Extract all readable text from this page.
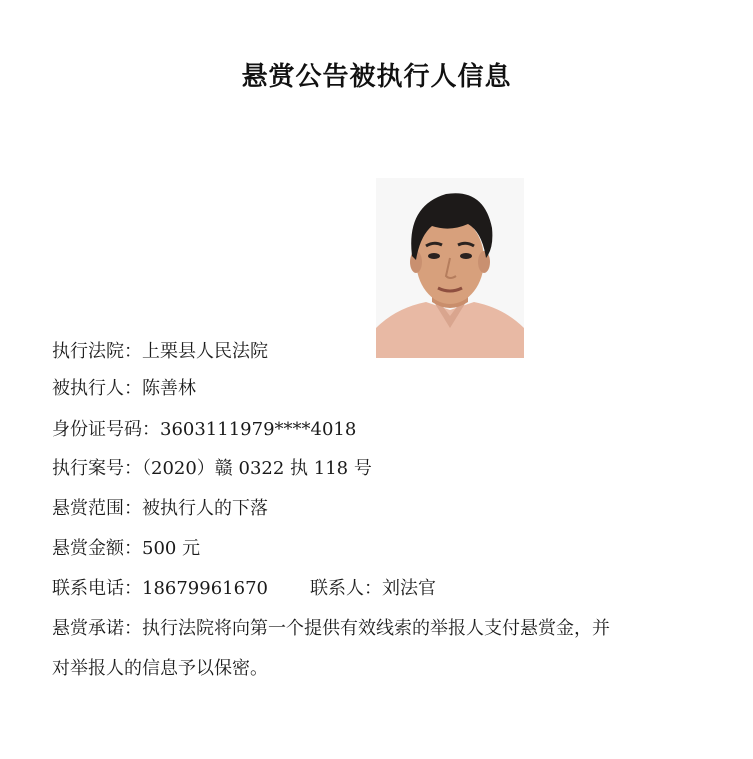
悬赏公告被执行人信息
执行法院：上栗县人民法院
被执行人：陈善林
身份证号码：3603111979****4018
执行案号：（2020）赣 0322 执 118 号
悬赏范围：被执行人的下落
悬赏金额：500 元
联系电话：18679961670 联系人：刘法官
悬赏承诺：执行法院将向第一个提供有效线索的举报人支付悬赏金，并
对举报人的信息予以保密。
